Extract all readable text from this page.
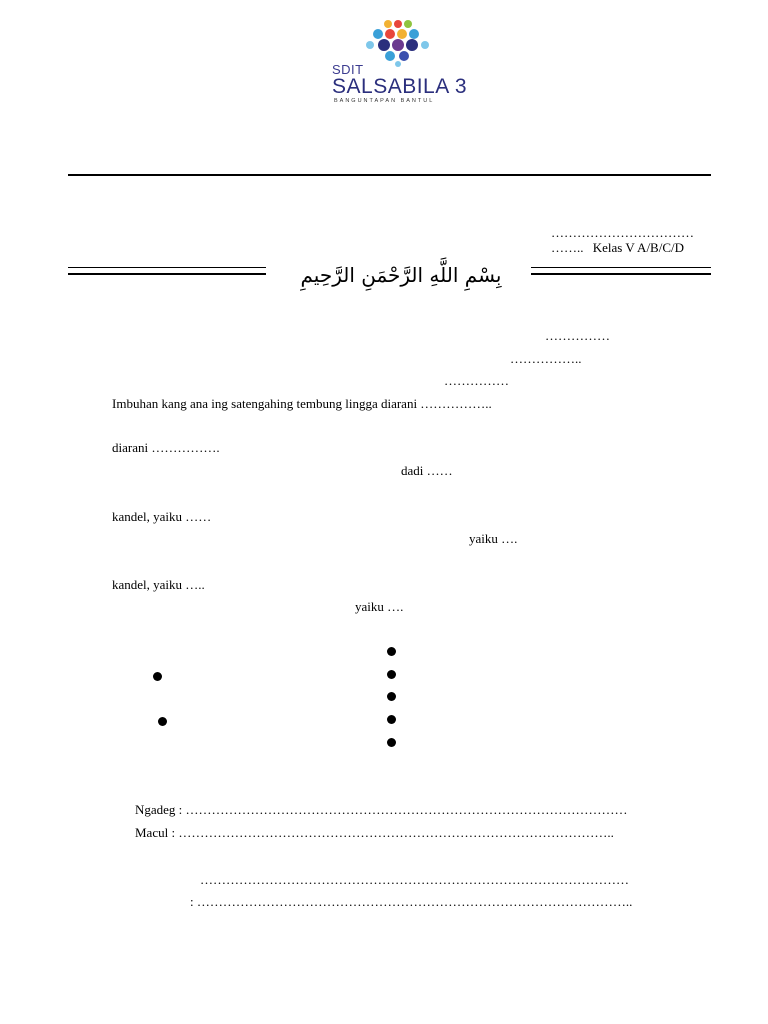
SDIT
SALSABILA 3
BANGUNTAPAN BANTUL
……………………………
…….. Kelas V A/B/C/D
بِسْمِ اللَّهِ الرَّحْمَنِ الرَّحِيمِ
……………
……………..
……………
Imbuhan kang ana ing satengahing tembung lingga diarani ……………..
diarani …………….
dadi ……
kandel, yaiku ……
yaiku ….
kandel, yaiku …..
yaiku ….
Ngadeg : …………………………………………………………………………………………
Macul : ………………………………………………………………………………………..
………………………………………………………………………………………
: ………………………………………………………………………………………..
